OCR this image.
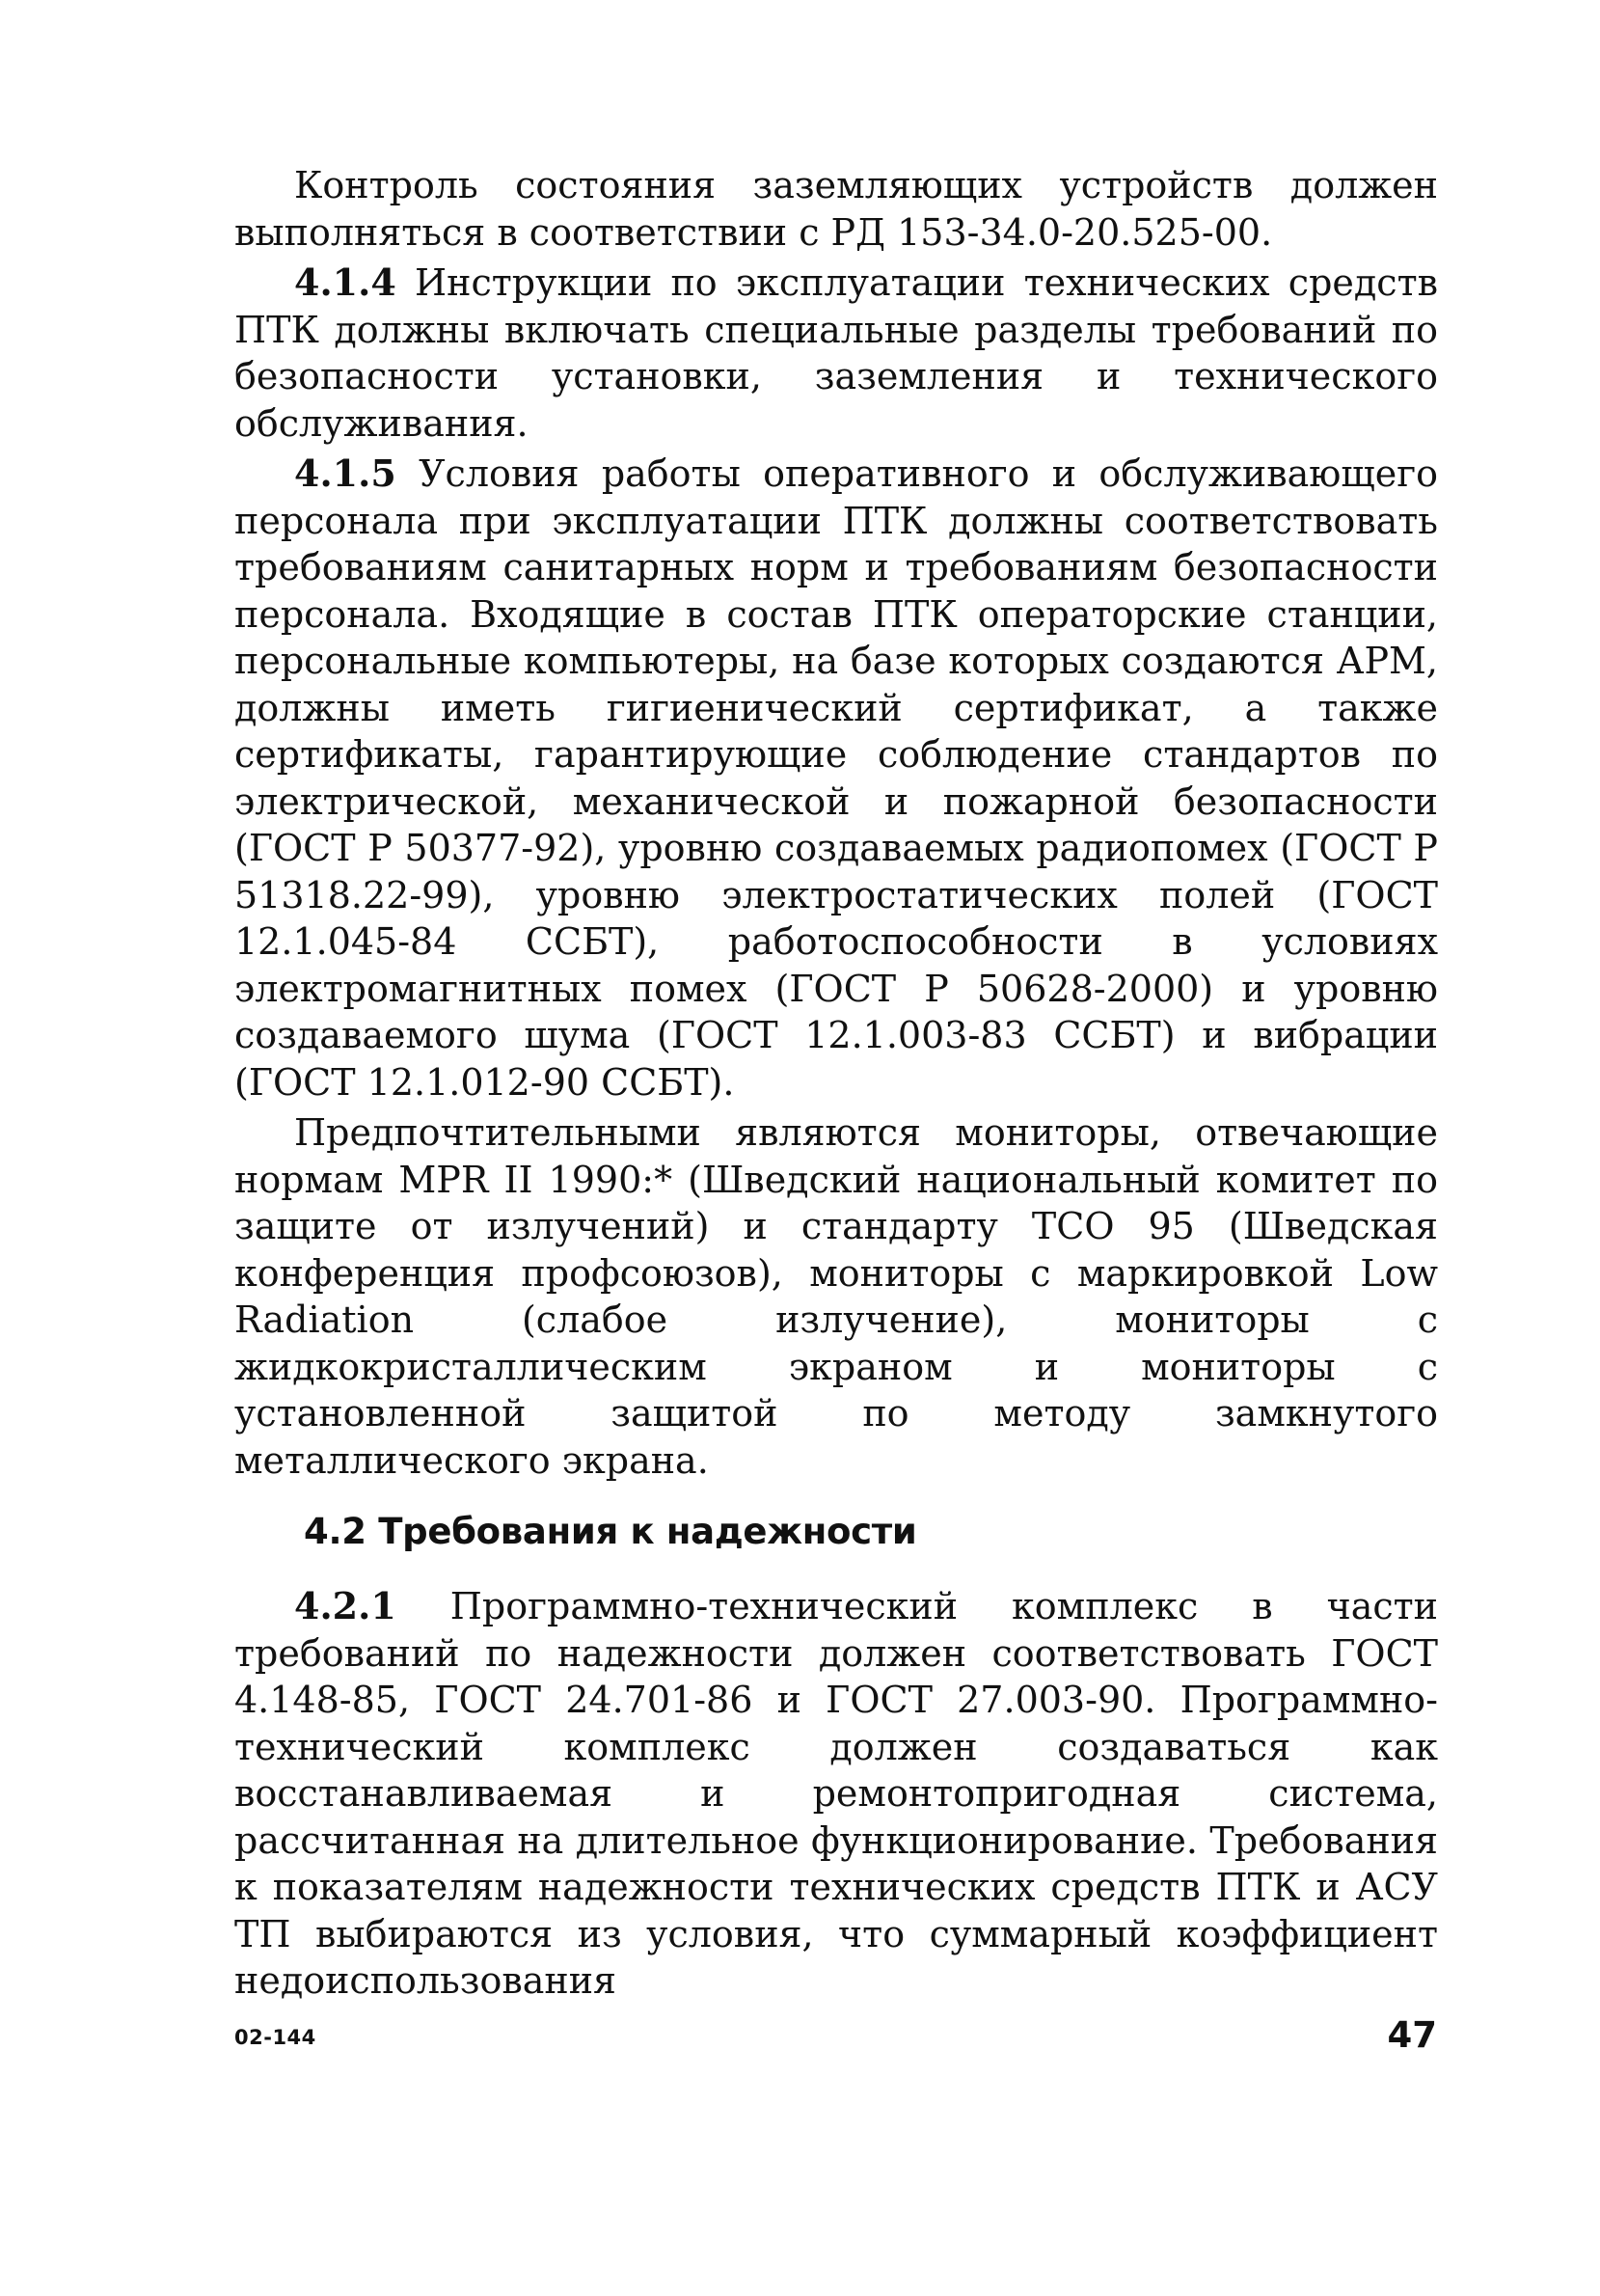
Контроль состояния заземляющих устройств должен выполняться в соответствии с РД 153-34.0-20.525-00.

4.1.4 Инструкции по эксплуатации технических средств ПТК должны включать специальные разделы требований по безопасности установки, заземления и технического обслуживания.

4.1.5 Условия работы оперативного и обслуживающего персонала при эксплуатации ПТК должны соответствовать требованиям санитарных норм и требованиям безопасности персонала. Входящие в состав ПТК операторские станции, персональные компьютеры, на базе которых создаются АРМ, должны иметь гигиенический сертификат, а также сертификаты, гарантирующие соблюдение стандартов по электрической, механической и пожарной безопасности (ГОСТ Р 50377-92), уровню создаваемых радиопомех (ГОСТ Р 51318.22-99), уровню электростатических полей (ГОСТ 12.1.045-84 ССБТ), работоспособности в условиях электромагнитных помех (ГОСТ Р 50628-2000) и уровню создаваемого шума (ГОСТ 12.1.003-83 ССБТ) и вибрации (ГОСТ 12.1.012-90 ССБТ).

Предпочтительными являются мониторы, отвечающие нормам MPR II 1990:* (Шведский национальный комитет по защите от излучений) и стандарту ТСО 95 (Шведская конференция профсоюзов), мониторы с маркировкой Low Radiation (слабое излучение), мониторы с жидкокристаллическим экраном и мониторы с установленной защитой по методу замкнутого металлического экрана.

4.2 Требования к надежности

4.2.1 Программно-технический комплекс в части требований по надежности должен соответствовать ГОСТ 4.148-85, ГОСТ 24.701-86 и ГОСТ 27.003-90. Программно-технический комплекс должен создаваться как восстанавливаемая и ремонтопригодная система, рассчитанная на длительное функционирование. Требования к показателям надежности технических средств ПТК и АСУ ТП выбираются из условия, что суммарный коэффициент недоиспользования

02-144	47
